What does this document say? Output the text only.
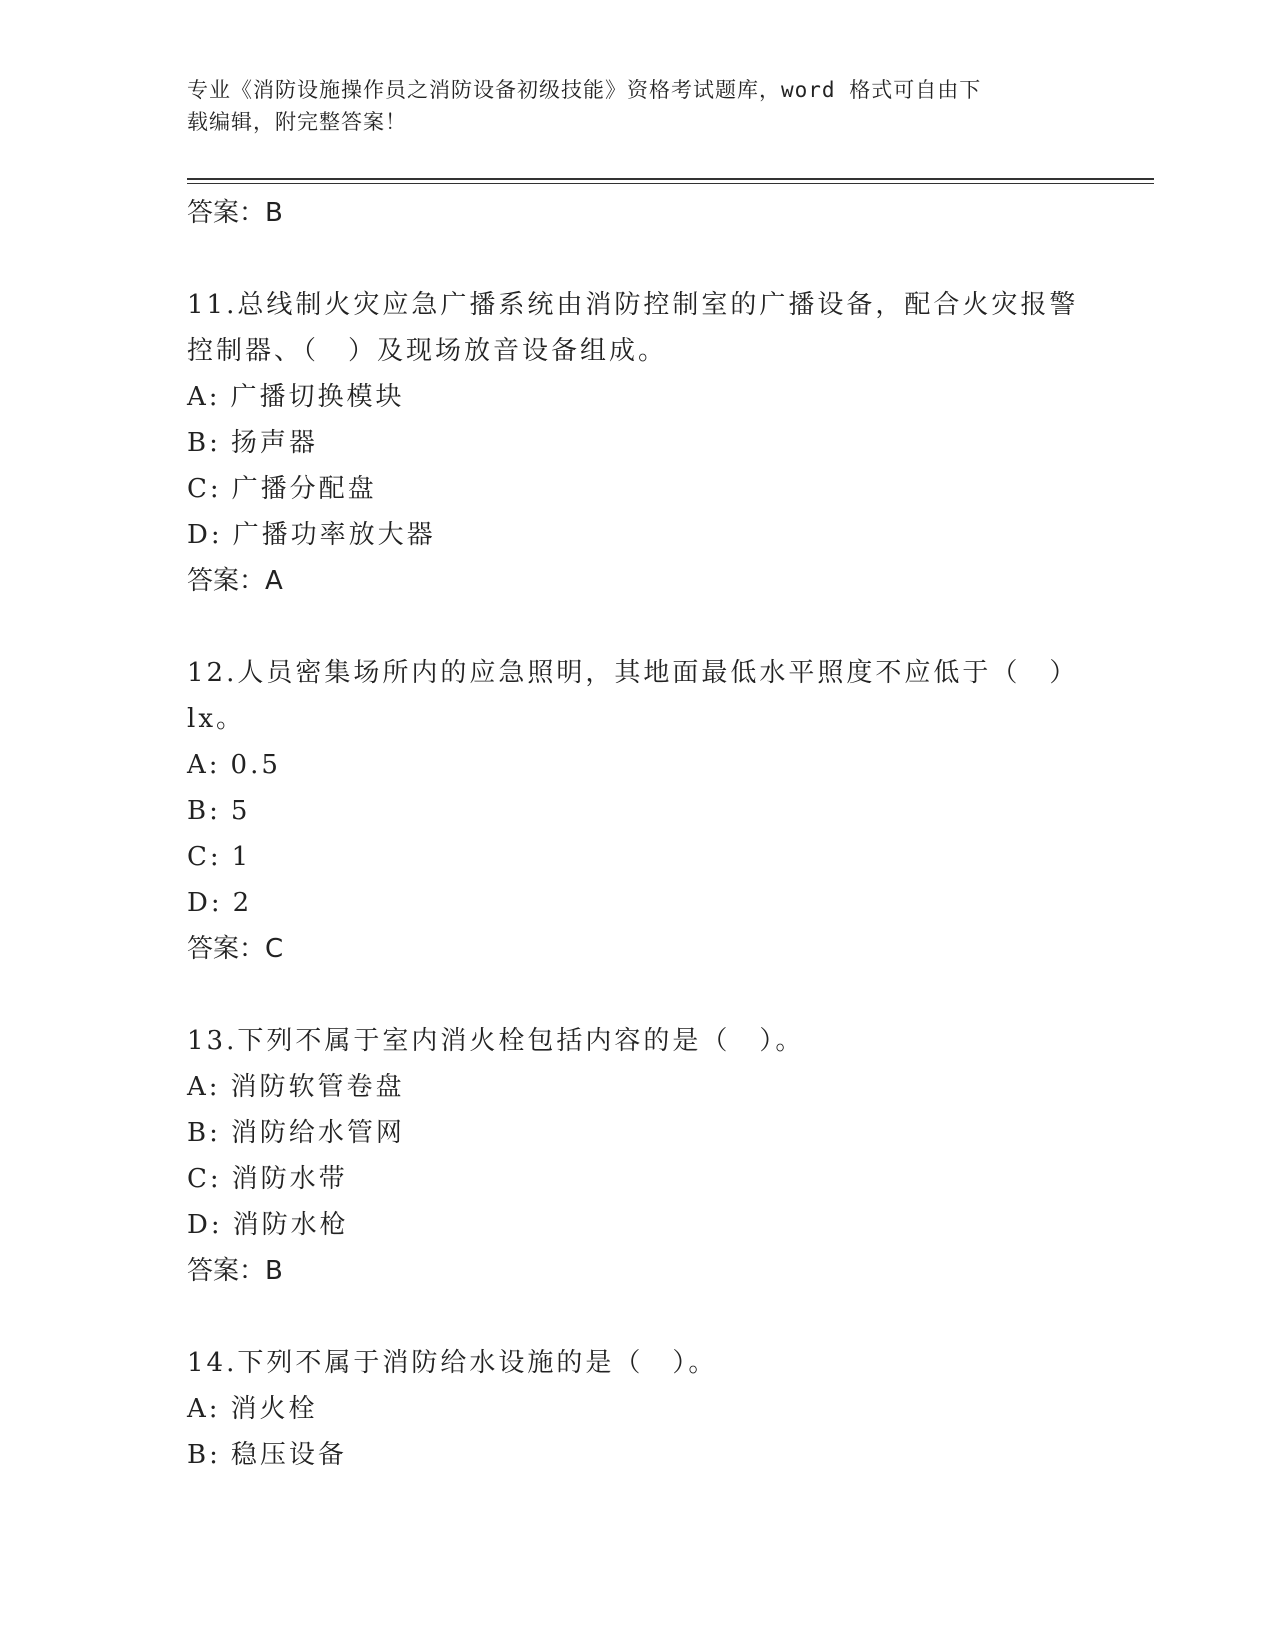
专业《消防设施操作员之消防设备初级技能》资格考试题库，word 格式可自由下
载编辑，附完整答案！
答案：B
11.总线制火灾应急广播系统由消防控制室的广播设备，配合火灾报警
控制器、（　）及现场放音设备组成。
A: 广播切换模块
B: 扬声器
C: 广播分配盘
D: 广播功率放大器
答案：A
12.人员密集场所内的应急照明，其地面最低水平照度不应低于（　）
lx。
A: 0.5
B: 5
C: 1
D: 2
答案：C
13.下列不属于室内消火栓包括内容的是（　）。
A: 消防软管卷盘
B: 消防给水管网
C: 消防水带
D: 消防水枪
答案：B
14.下列不属于消防给水设施的是（　）。
A: 消火栓
B: 稳压设备
